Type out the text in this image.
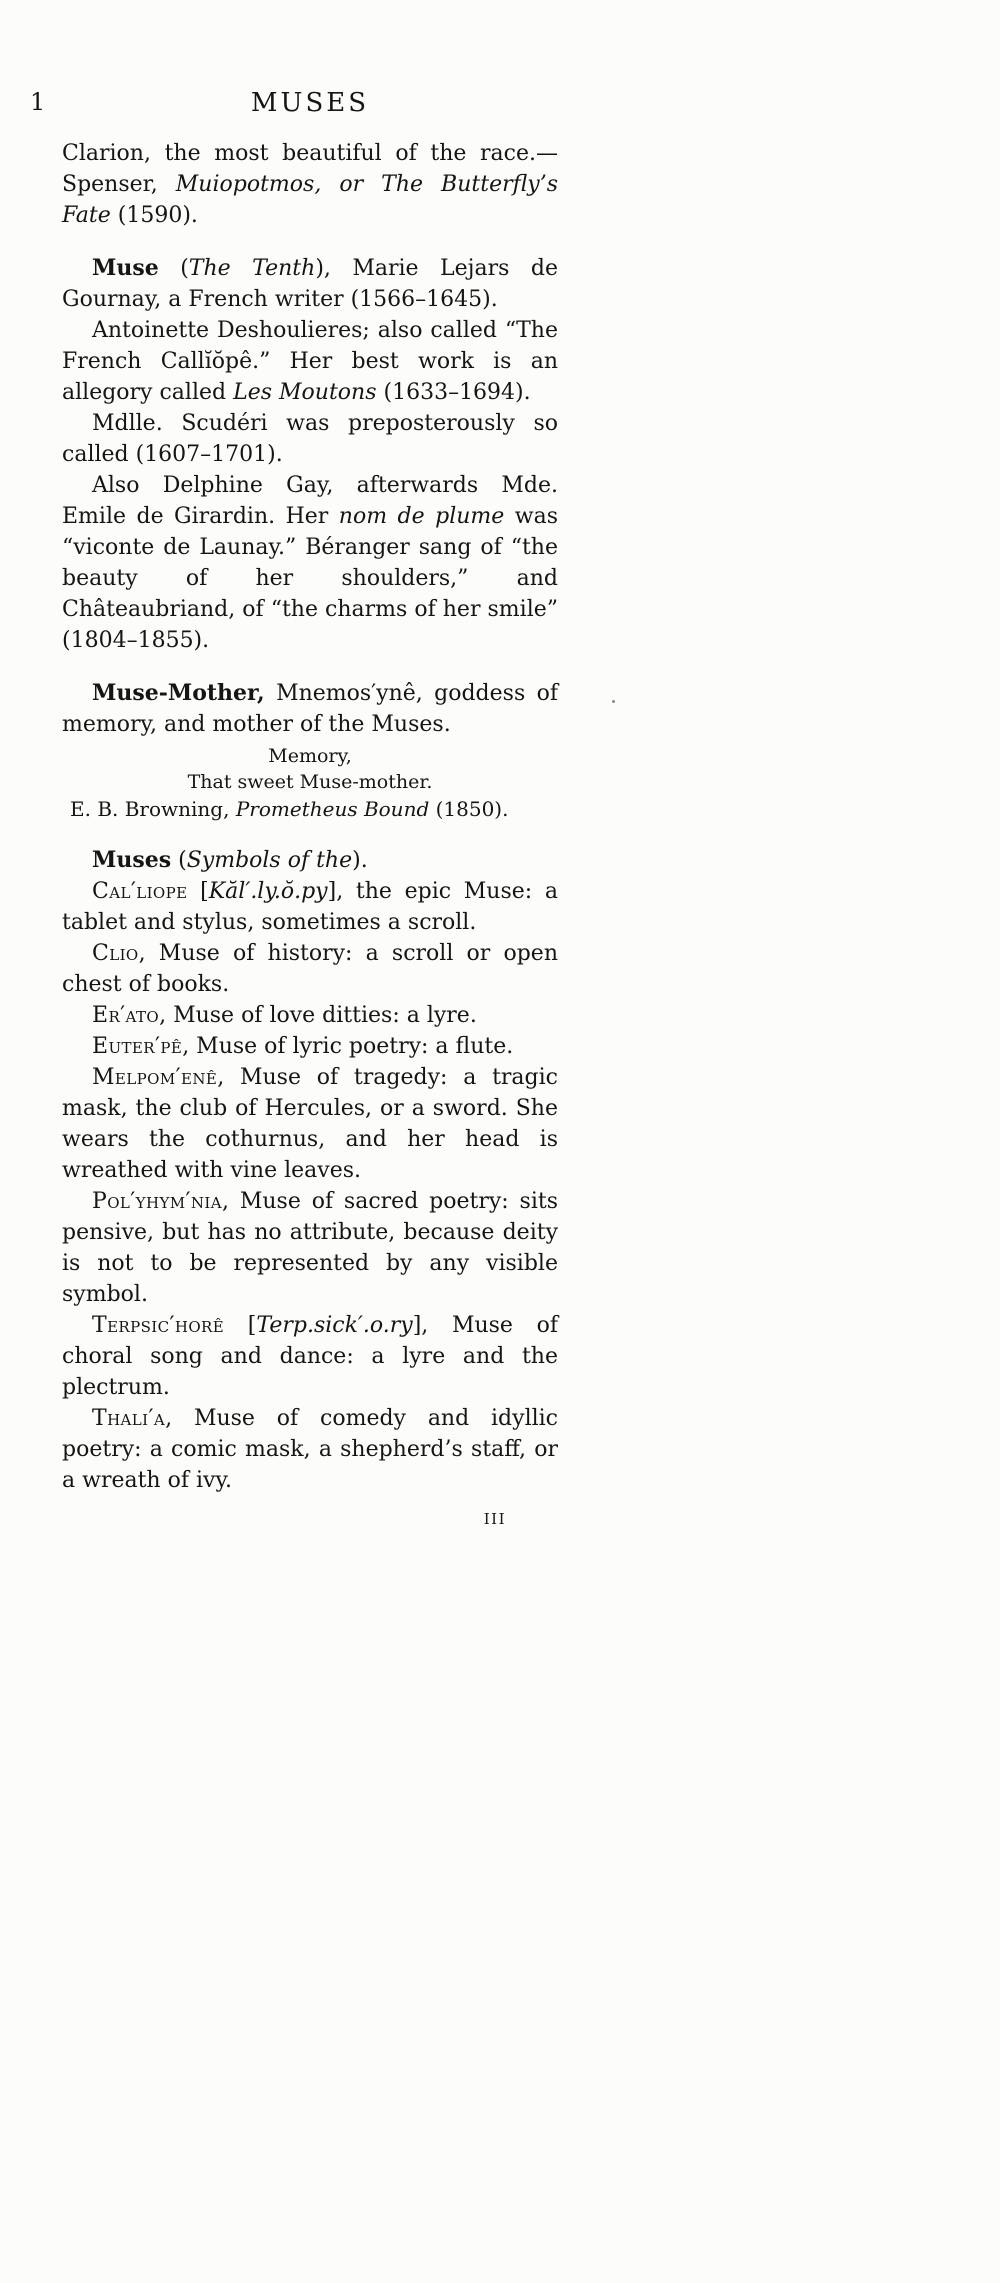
1	MUSES

Clarion, the most beautiful of the race.— Spenser, Muiopotmos, or The Butterfly’s Fate (1590).

Muse (The Tenth), Marie Lejars de Gournay, a French writer (1566–1645).

Antoinette Deshoulieres; also called “The French Callĭŏpê.” Her best work is an allegory called Les Moutons (1633–1694).

Mdlle. Scudéri was preposterously so called (1607–1701).

Also Delphine Gay, afterwards Mde. Emile de Girardin. Her nom de plume was “viconte de Launay.” Béranger sang of “the beauty of her shoulders,” and Châteaubriand, of “the charms of her smile” (1804–1855).

Muse-Mother, Mnemos′ynê, goddess of memory, and mother of the Muses.

Memory,
That sweet Muse-mother.

E. B. Browning, Prometheus Bound (1850).

Muses (Symbols of the).

Cal′liope [Kăl′.ly.ŏ.py], the epic Muse: a tablet and stylus, sometimes a scroll.

Clio, Muse of history: a scroll or open chest of books.

Er′ato, Muse of love ditties: a lyre.

Euter′pê, Muse of lyric poetry: a flute.

Melpom′enê, Muse of tragedy: a tragic mask, the club of Hercules, or a sword. She wears the cothurnus, and her head is wreathed with vine leaves.

Pol′yhym′nia, Muse of sacred poetry: sits pensive, but has no attribute, because deity is not to be represented by any visible symbol.

Terpsic′horê [Terp.sick′.o.ry], Muse of choral song and dance: a lyre and the plectrum.

Thali′a, Muse of comedy and idyllic poetry: a comic mask, a shepherd’s staff, or a wreath of ivy.

III
